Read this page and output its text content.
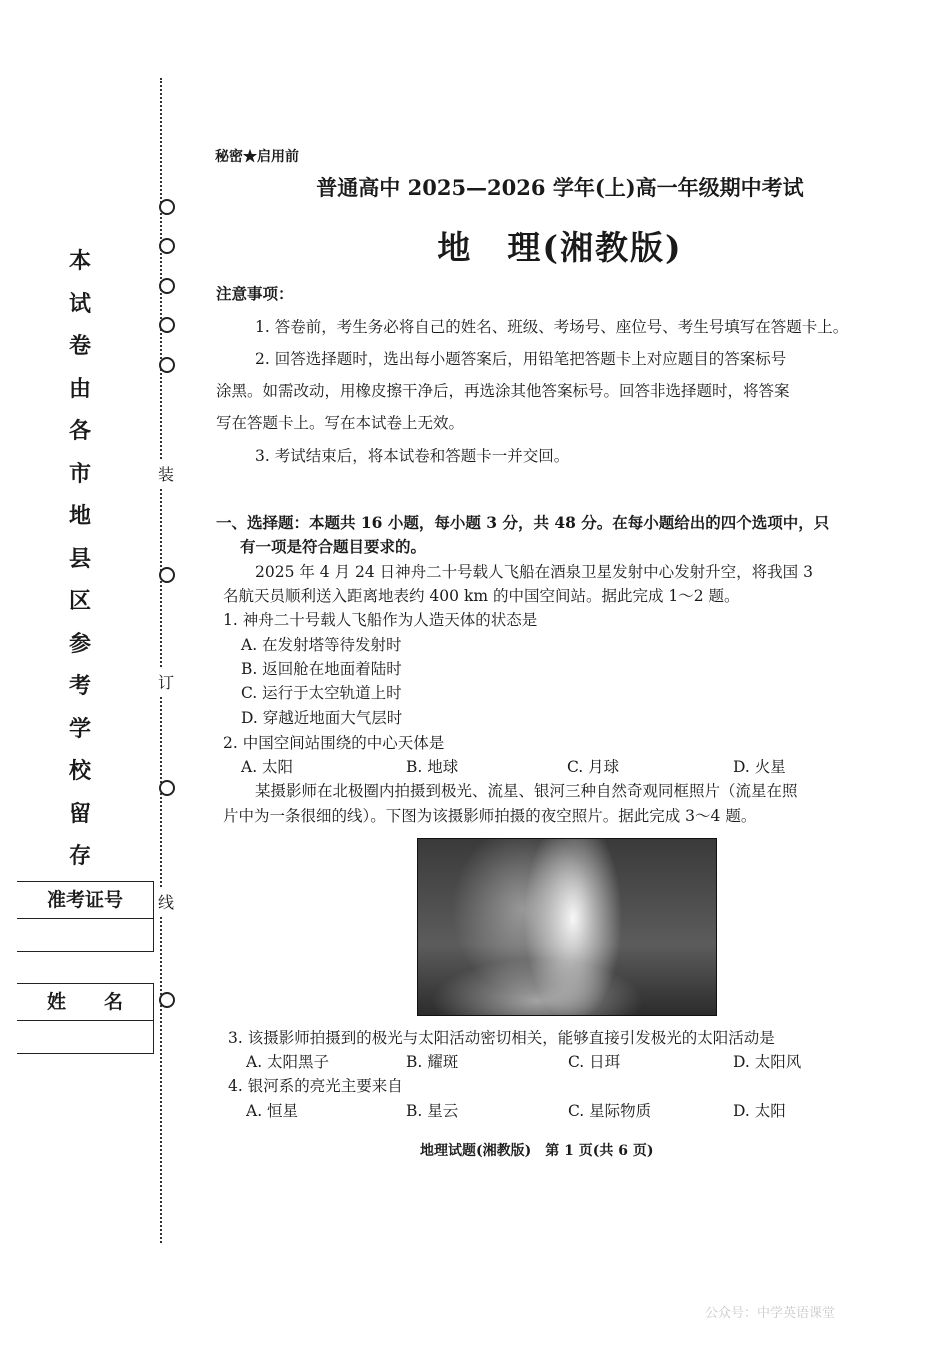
装
订
线
本
试
卷
由
各
市
地
县
区
参
考
学
校
留
存
准考证号
姓　　名
秘密★启用前
普通高中 2025—2026 学年(上)高一年级期中考试
地　理(湘教版)
注意事项：
1. 答卷前，考生务必将自己的姓名、班级、考场号、座位号、考生号填写在答题卡上。
2. 回答选择题时，选出每小题答案后，用铅笔把答题卡上对应题目的答案标号
涂黑。如需改动，用橡皮擦干净后，再选涂其他答案标号。回答非选择题时，将答案
写在答题卡上。写在本试卷上无效。
3. 考试结束后，将本试卷和答题卡一并交回。
一、选择题：本题共 16 小题，每小题 3 分，共 48 分。在每小题给出的四个选项中，只
有一项是符合题目要求的。
2025 年 4 月 24 日神舟二十号载人飞船在酒泉卫星发射中心发射升空，将我国 3
名航天员顺利送入距离地表约 400 km 的中国空间站。据此完成 1～2 题。
1. 神舟二十号载人飞船作为人造天体的状态是
A. 在发射塔等待发射时
B. 返回舱在地面着陆时
C. 运行于太空轨道上时
D. 穿越近地面大气层时
2. 中国空间站围绕的中心天体是
A. 太阳	B. 地球	C. 月球	D. 火星
某摄影师在北极圈内拍摄到极光、流星、银河三种自然奇观同框照片（流星在照
片中为一条很细的线）。下图为该摄影师拍摄的夜空照片。据此完成 3～4 题。
3. 该摄影师拍摄到的极光与太阳活动密切相关，能够直接引发极光的太阳活动是
A. 太阳黑子	B. 耀斑	C. 日珥	D. 太阳风
4. 银河系的亮光主要来自
A. 恒星	B. 星云	C. 星际物质	D. 太阳
地理试题(湘教版)　第 1 页(共 6 页)
公众号：中学英语课堂
